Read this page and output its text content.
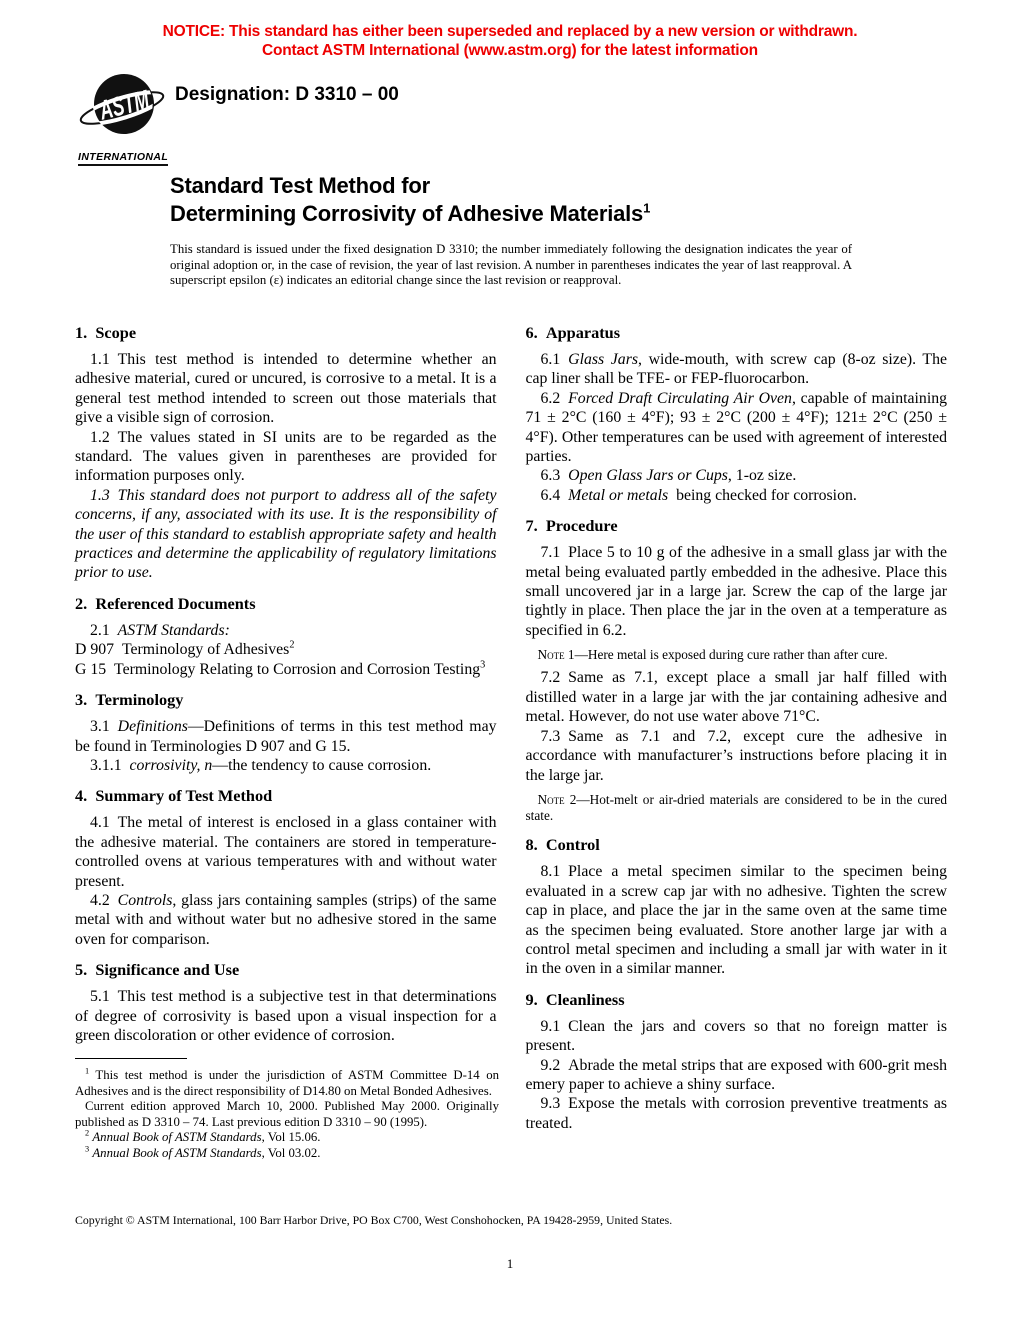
NOTICE: This standard has either been superseded and replaced by a new version or withdrawn.
Contact ASTM International (www.astm.org) for the latest information
ASTM
INTERNATIONAL
Designation: D 3310 – 00
Standard Test Method for
Determining Corrosivity of Adhesive Materials$^1$

This standard is issued under the fixed designation D 3310; the number immediately following the designation indicates the year of original adoption or, in the case of revision, the year of last revision. A number in parentheses indicates the year of last reapproval. A superscript epsilon (ε) indicates an editorial change since the last revision or reapproval.

1. Scope

1.1 This test method is intended to determine whether an adhesive material, cured or uncured, is corrosive to a metal. It is a general test method intended to screen out those materials that give a visible sign of corrosion.

1.2 The values stated in SI units are to be regarded as the standard. The values given in parentheses are provided for information purposes only.

1.3 This standard does not purport to address all of the safety concerns, if any, associated with its use. It is the responsibility of the user of this standard to establish appropriate safety and health practices and determine the applicability of regulatory limitations prior to use.

2. Referenced Documents

2.1 ASTM Standards:

D 907 Terminology of Adhesives$^2$

G 15 Terminology Relating to Corrosion and Corrosion Testing$^3$

3. Terminology

3.1 Definitions—Definitions of terms in this test method may be found in Terminologies D 907 and G 15.

3.1.1 corrosivity, n—the tendency to cause corrosion.

4. Summary of Test Method

4.1 The metal of interest is enclosed in a glass container with the adhesive material. The containers are stored in temperature-controlled ovens at various temperatures with and without water present.

4.2 Controls, glass jars containing samples (strips) of the same metal with and without water but no adhesive stored in the same oven for comparison.

5. Significance and Use

5.1 This test method is a subjective test in that determinations of degree of corrosivity is based upon a visual inspection for a green discoloration or other evidence of corrosion.

6. Apparatus

6.1 Glass Jars, wide-mouth, with screw cap (8-oz size). The cap liner shall be TFE- or FEP-fluorocarbon.

6.2 Forced Draft Circulating Air Oven, capable of maintaining 71 ± 2°C (160 ± 4°F); 93 ± 2°C (200 ± 4°F); 121± 2°C (250 ± 4°F). Other temperatures can be used with agreement of interested parties.

6.3 Open Glass Jars or Cups, 1-oz size.

6.4 Metal or metals being checked for corrosion.

7. Procedure

7.1 Place 5 to 10 g of the adhesive in a small glass jar with the metal being evaluated partly embedded in the adhesive. Place this small uncovered jar in a large jar. Screw the cap of the large jar tightly in place. Then place the jar in the oven at a temperature as specified in 6.2.

Note 1—Here metal is exposed during cure rather than after cure.

7.2 Same as 7.1, except place a small jar half filled with distilled water in a large jar with the jar containing adhesive and metal. However, do not use water above 71°C.

7.3 Same as 7.1 and 7.2, except cure the adhesive in accordance with manufacturer’s instructions before placing it in the large jar.

Note 2—Hot-melt or air-dried materials are considered to be in the cured state.

8. Control

8.1 Place a metal specimen similar to the specimen being evaluated in a screw cap jar with no adhesive. Tighten the screw cap in place, and place the jar in the same oven at the same time as the specimen being evaluated. Store another large jar with a control metal specimen and including a small jar with water in it in the oven in a similar manner.

9. Cleanliness

9.1 Clean the jars and covers so that no foreign matter is present.

9.2 Abrade the metal strips that are exposed with 600-grit mesh emery paper to achieve a shiny surface.

9.3 Expose the metals with corrosion preventive treatments as treated.

$^1$ This test method is under the jurisdiction of ASTM Committee D-14 on Adhesives and is the direct responsibility of D14.80 on Metal Bonded Adhesives.

Current edition approved March 10, 2000. Published May 2000. Originally published as D 3310 – 74. Last previous edition D 3310 – 90 (1995).

$^2$ Annual Book of ASTM Standards, Vol 15.06.

$^3$ Annual Book of ASTM Standards, Vol 03.02.

Copyright © ASTM International, 100 Barr Harbor Drive, PO Box C700, West Conshohocken, PA 19428-2959, United States.
1
